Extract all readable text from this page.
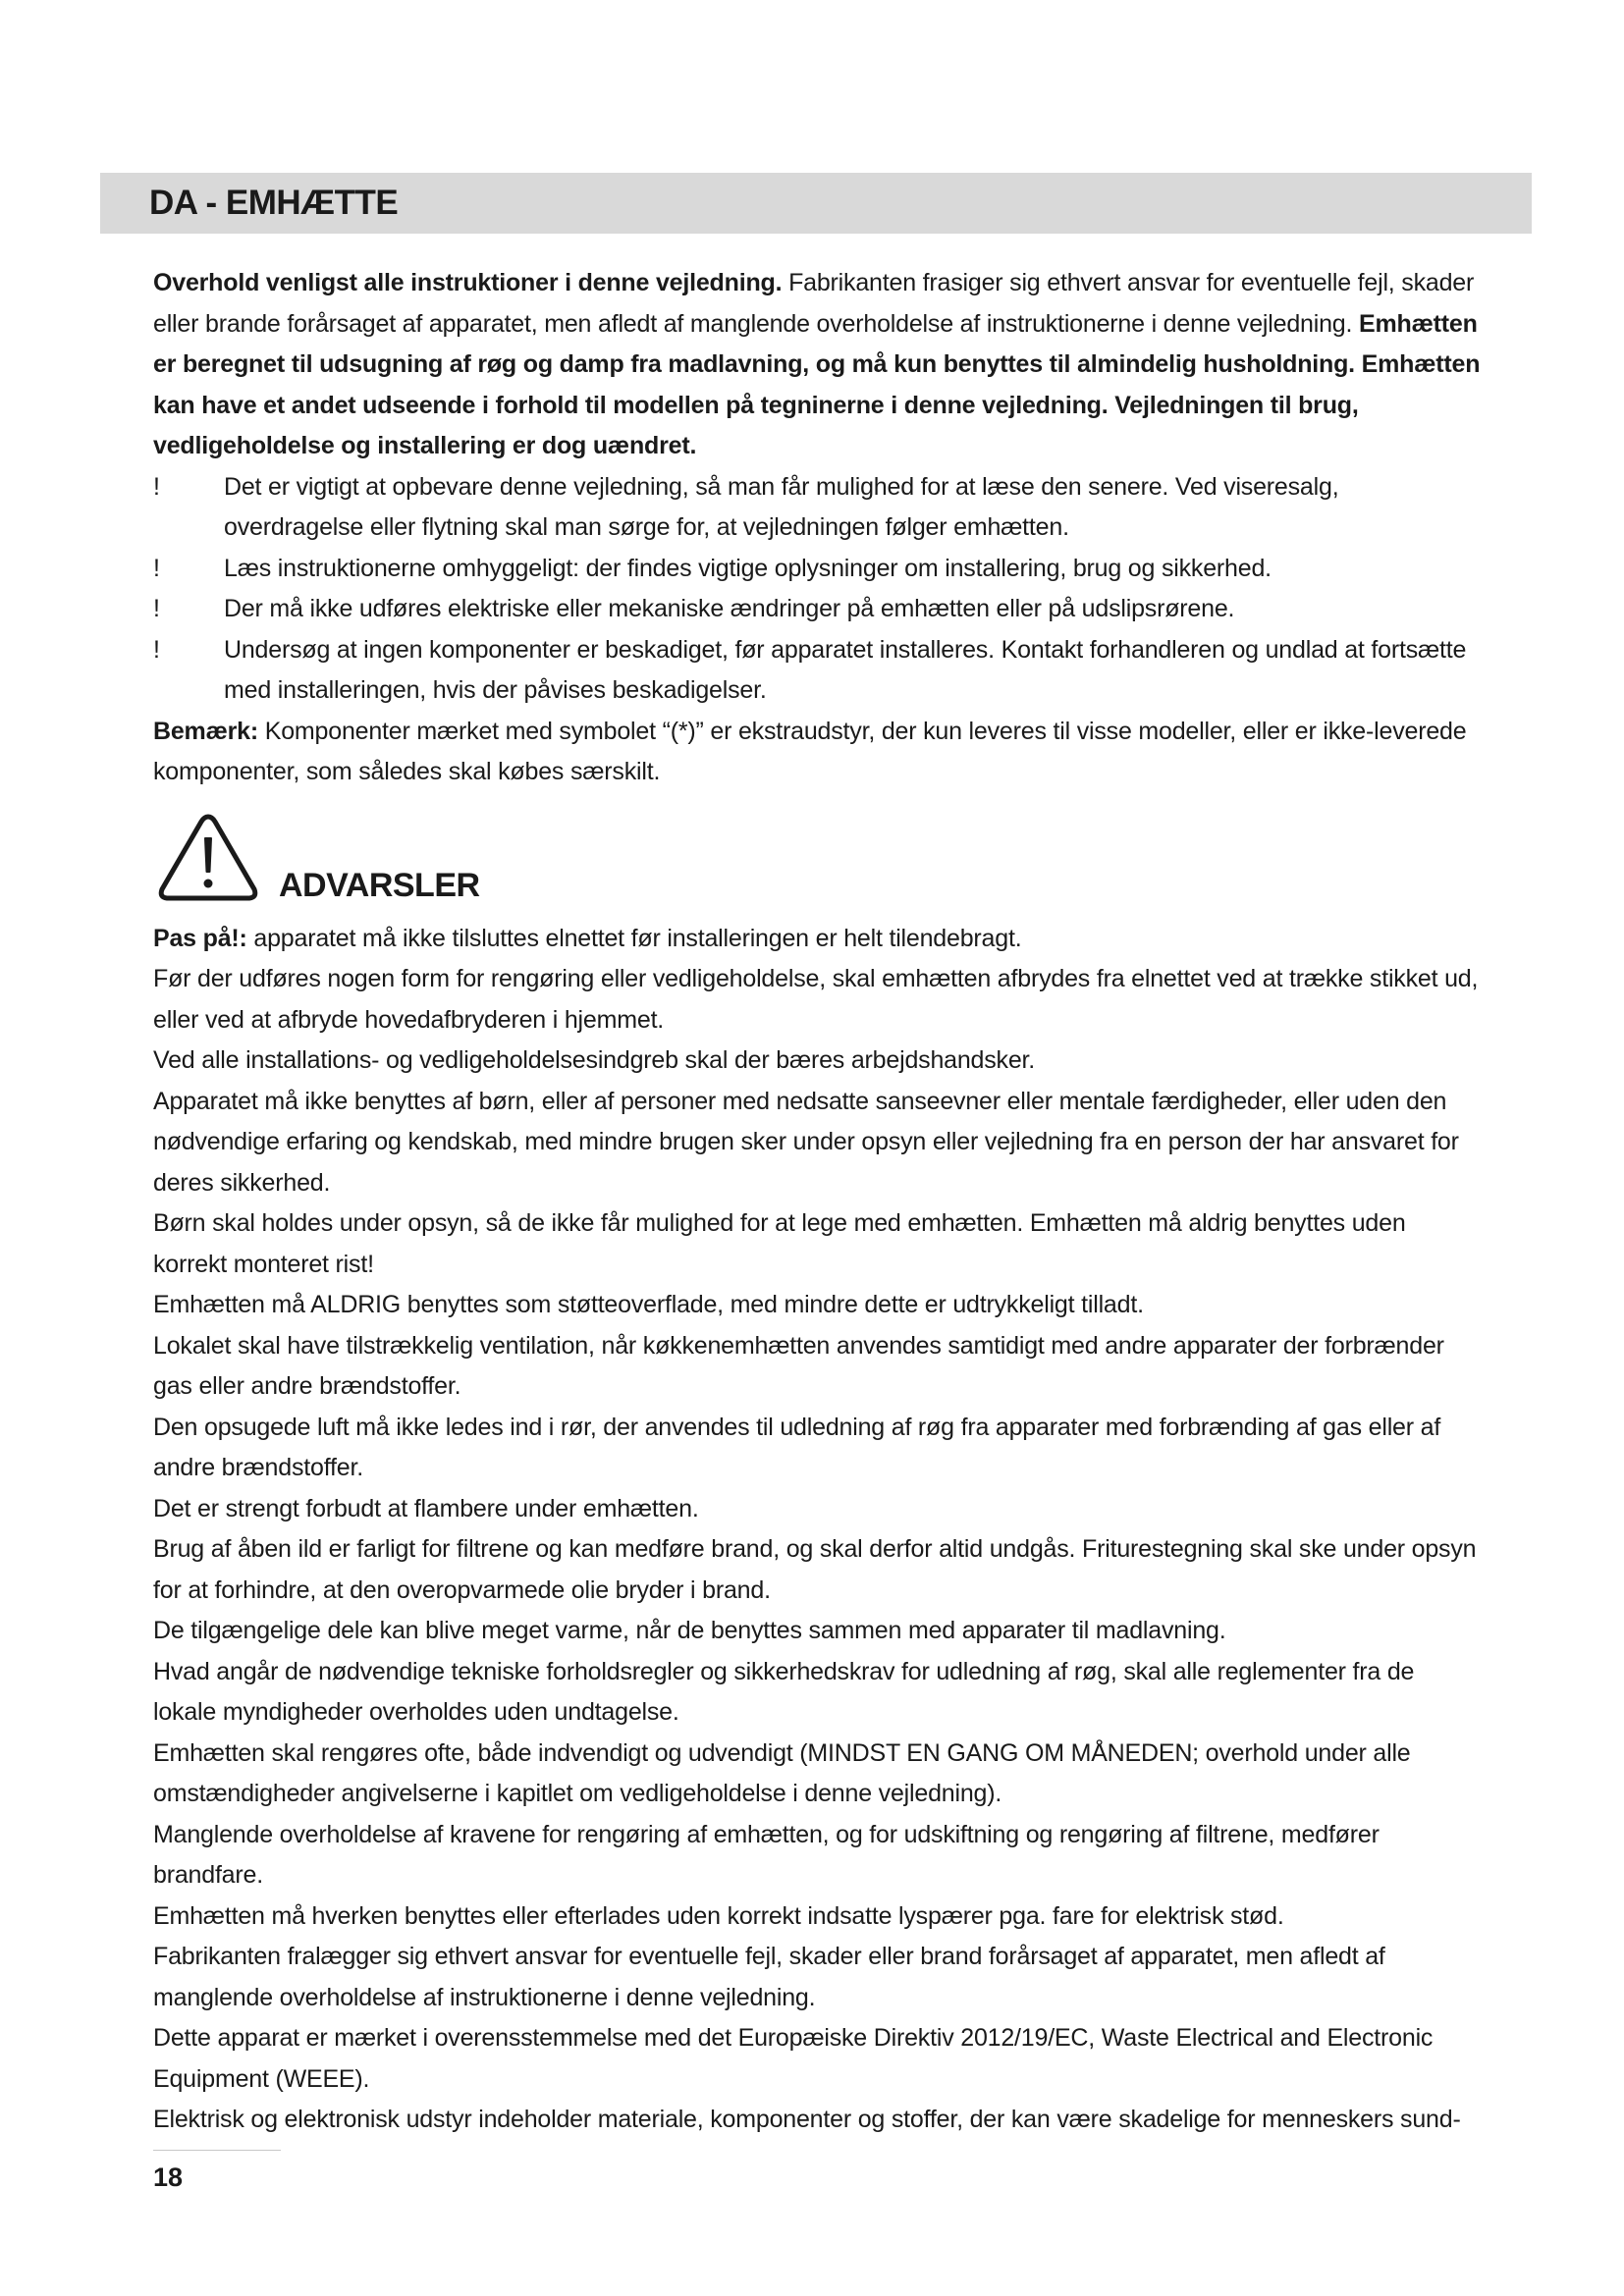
DA - EMHÆTTE

Overhold venligst alle instruktioner i denne vejledning. Fabrikanten frasiger sig ethvert ansvar for eventuelle fejl, skader eller brande forårsaget af apparatet, men afledt af manglende overholdelse af instruktionerne i denne vejledning. Emhætten er beregnet til udsugning af røg og damp fra madlavning, og må kun benyttes til almindelig husholdning. Emhætten kan have et andet udseende i forhold til modellen på tegninerne i denne vejledning. Vejledningen til brug, vedligeholdelse og installering er dog uændret.

!	Det er vigtigt at opbevare denne vejledning, så man får mulighed for at læse den senere. Ved viseresalg, overdragelse eller flytning skal man sørge for, at vejledningen følger emhætten.
!	Læs instruktionerne omhyggeligt: der findes vigtige oplysninger om installering, brug og sikkerhed.
!	Der må ikke udføres elektriske eller mekaniske ændringer på emhætten eller på udslipsrørene.
!	Undersøg at ingen komponenter er beskadiget, før apparatet installeres. Kontakt forhandleren og undlad at fortsætte med installeringen, hvis der påvises beskadigelser.

Bemærk: Komponenter mærket med symbolet “(*)” er ekstraudstyr, der kun leveres til visse modeller, eller er ikke-leverede komponenter, som således skal købes særskilt.

ADVARSLER

Pas på!: apparatet må ikke tilsluttes elnettet før installeringen er helt tilendebragt.

Før der udføres nogen form for rengøring eller vedligeholdelse, skal emhætten afbrydes fra elnettet ved at trække stikket ud, eller ved at afbryde hovedafbryderen i hjemmet.

Ved alle installations- og vedligeholdelsesindgreb skal der bæres arbejdshandsker.

Apparatet må ikke benyttes af børn, eller af personer med nedsatte sanseevner eller mentale færdigheder, eller uden den nødvendige erfaring og kendskab, med mindre brugen sker under opsyn eller vejledning fra en person der har ansvaret for deres sikkerhed.

Børn skal holdes under opsyn, så de ikke får mulighed for at lege med emhætten. Emhætten må aldrig benyttes uden korrekt monteret rist!

Emhætten må ALDRIG benyttes som støtteoverflade, med mindre dette er udtrykkeligt tilladt.

Lokalet skal have tilstrækkelig ventilation, når køkkenemhætten anvendes samtidigt med andre apparater der forbrænder gas eller andre brændstoffer.

Den opsugede luft må ikke ledes ind i rør, der anvendes til udledning af røg fra apparater med forbrænding af gas eller af andre brændstoffer.

Det er strengt forbudt at flambere under emhætten.

Brug af åben ild er farligt for filtrene og kan medføre brand, og skal derfor altid undgås. Friturestegning skal ske under opsyn for at forhindre, at den overopvarmede olie bryder i brand.

De tilgængelige dele kan blive meget varme, når de benyttes sammen med apparater til madlavning.

Hvad angår de nødvendige tekniske forholdsregler og sikkerhedskrav for udledning af røg, skal alle reglementer fra de lokale myndigheder overholdes uden undtagelse.

Emhætten skal rengøres ofte, både indvendigt og udvendigt (MINDST EN GANG OM MÅNEDEN; overhold under alle omstændigheder angivelserne i kapitlet om vedligeholdelse i denne vejledning).

Manglende overholdelse af kravene for rengøring af emhætten, og for udskiftning og rengøring af filtrene, medfører brandfare.

Emhætten må hverken benyttes eller efterlades uden korrekt indsatte lyspærer pga. fare for elektrisk stød.

Fabrikanten fralægger sig ethvert ansvar for eventuelle fejl, skader eller brand forårsaget af apparatet, men afledt af manglende overholdelse af instruktionerne i denne vejledning.

Dette apparat er mærket i overensstemmelse med det Europæiske Direktiv 2012/19/EC, Waste Electrical and Electronic Equipment (WEEE).

Elektrisk og elektronisk udstyr indeholder materiale, komponenter og stoffer, der kan være skadelige for menneskers sund-

18
